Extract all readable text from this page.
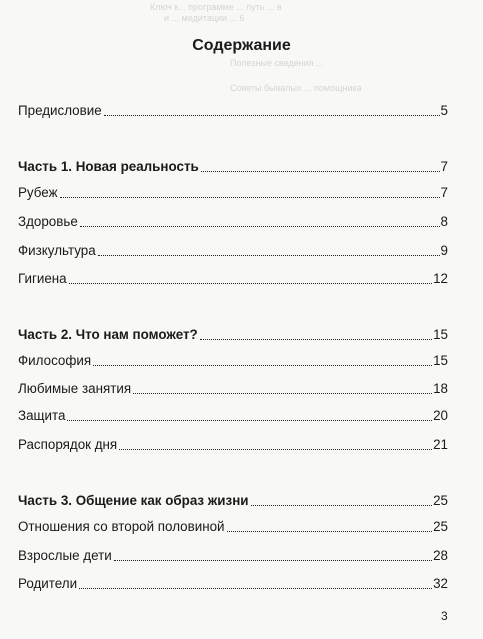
Ключ к... программе ... путь ... в
и ... медитации ... 6
Полезные сведения ...
Советы бывалых ... помощника
Содержание
Предисловие	5
Часть 1. Новая реальность	7
Рубеж	7
Здоровье	8
Физкультура	9
Гигиена	12
Часть 2. Что нам поможет?	15
Философия	15
Любимые занятия	18
Защита	20
Распорядок дня	21
Часть 3. Общение как образ жизни	25
Отношения со второй половиной	25
Взрослые дети	28
Родители	32
3
